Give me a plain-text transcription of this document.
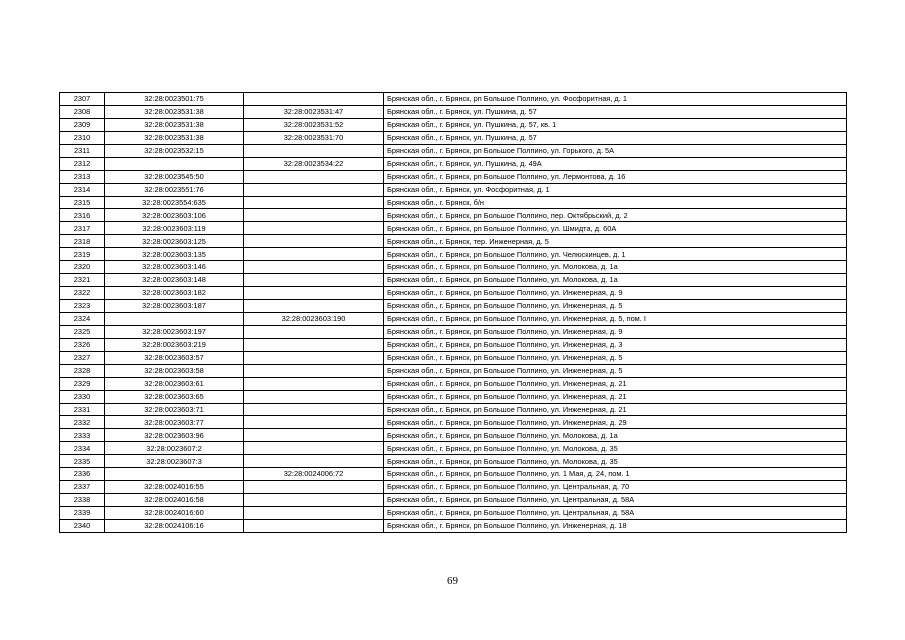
2307	32:28:0023501:75		Брянская обл., г. Брянск, рп Большое Полпино, ул. Фосфоритная, д. 1
2308	32:28:0023531:38	32:28:0023531:47	Брянская обл., г. Брянск, ул. Пушкина, д. 57
2309	32:28:0023531:38	32:28:0023531:52	Брянская обл., г. Брянск, ул. Пушкина, д. 57, кв. 1
2310	32:28:0023531:38	32:28:0023531:70	Брянская обл., г. Брянск, ул. Пушкина, д. 57
2311	32:28:0023532:15		Брянская обл., г. Брянск, рп Большое Полпино, ул. Горького, д. 5А
2312		32:28:0023534:22	Брянская обл., г. Брянск, ул. Пушкина, д. 49А
2313	32:28:0023545:50		Брянская обл., г. Брянск, рп Большое Полпино, ул. Лермонтова, д. 16
2314	32:28:0023551:76		Брянская обл., г. Брянск, ул. Фосфоритная, д. 1
2315	32:28:0023554:635		Брянская обл., г. Брянск, б/н
2316	32:28:0023603:106		Брянская обл., г. Брянск, рп Большое Полпино, пер. Октябрьский, д. 2
2317	32:28:0023603:119		Брянская обл., г. Брянск, рп Большое Полпино, ул. Шмидта, д. 60А
2318	32:28:0023603:125		Брянская обл., г. Брянск, тер. Инженерная, д. 5
2319	32:28:0023603:135		Брянская обл., г. Брянск, рп Большое Полпино, ул. Челюскинцев, д. 1
2320	32:28:0023603:146		Брянская обл., г. Брянск, рп Большое Полпино, ул. Молокова, д. 1а
2321	32:28:0023603:148		Брянская обл., г. Брянск, рп Большое Полпино, ул. Молокова, д. 1а
2322	32:28:0023603:182		Брянская обл., г. Брянск, рп Большое Полпино, ул. Инженерная, д. 9
2323	32:28:0023603:187		Брянская обл., г. Брянск, рп Большое Полпино, ул. Инженерная, д. 5
2324		32:28:0023603:190	Брянская обл., г. Брянск, рп Большое Полпино, ул. Инженерная, д. 5, пом. I
2325	32:28:0023603:197		Брянская обл., г. Брянск, рп Большое Полпино, ул. Инженерная, д. 9
2326	32:28:0023603:219		Брянская обл., г. Брянск, рп Большое Полпино, ул. Инженерная, д. 3
2327	32:28:0023603:57		Брянская обл., г. Брянск, рп Большое Полпино, ул. Инженерная, д. 5
2328	32:28:0023603:58		Брянская обл., г. Брянск, рп Большое Полпино, ул. Инженерная, д. 5
2329	32:28:0023603:61		Брянская обл., г. Брянск, рп Большое Полпино, ул. Инженерная, д. 21
2330	32:28:0023603:65		Брянская обл., г. Брянск, рп Большое Полпино, ул. Инженерная, д. 21
2331	32:28:0023603:71		Брянская обл., г. Брянск, рп Большое Полпино, ул. Инженерная, д. 21
2332	32:28:0023603:77		Брянская обл., г. Брянск, рп Большое Полпино, ул. Инженерная, д. 29
2333	32:28:0023603:96		Брянская обл., г. Брянск, рп Большое Полпино, ул. Молокова, д. 1а
2334	32:28:0023607:2		Брянская обл., г. Брянск, рп Большое Полпино, ул. Молокова, д. 35
2335	32:28:0023607:3		Брянская обл., г. Брянск, рп Большое Полпино, ул. Молокова, д. 35
2336		32:28:0024006:72	Брянская обл., г. Брянск, рп Большое Полпино, ул. 1 Мая, д. 24, пом. 1
2337	32:28:0024016:55		Брянская обл., г. Брянск, рп Большое Полпино, ул. Центральная, д. 70
2338	32:28:0024016:58		Брянская обл., г. Брянск, рп Большое Полпино, ул. Центральная, д. 58А
2339	32:28:0024016:60		Брянская обл., г. Брянск, рп Большое Полпино, ул. Центральная, д. 58А
2340	32:28:0024106:16		Брянская обл., г. Брянск, рп Большое Полпино, ул. Инженерная, д. 18
69
